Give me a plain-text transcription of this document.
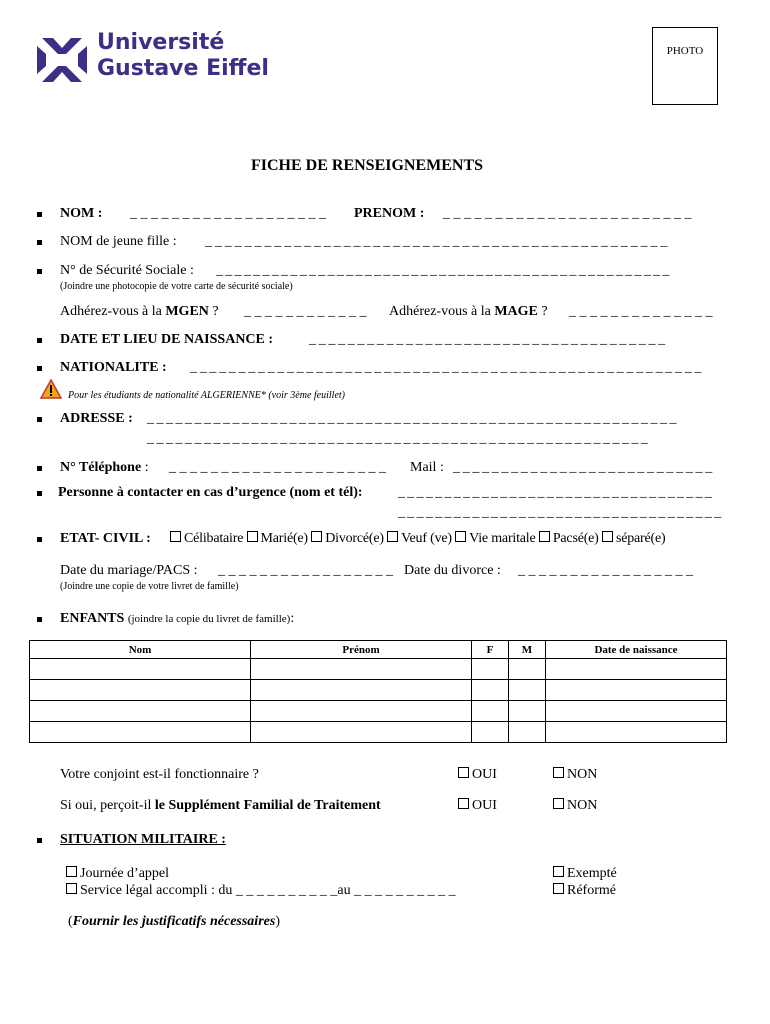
Université
Gustave Eiffel
PHOTO
FICHE DE RENSEIGNEMENTS
NOM : _ _ _ _ _ _ _ _ _ _ _ _ _ _ _ _ _ _ _ PRENOM : _ _ _ _ _ _ _ _ _ _ _ _ _ _ _ _ _ _ _ _ _ _ _ _
NOM de jeune fille : _ _ _ _ _ _ _ _ _ _ _ _ _ _ _ _ _ _ _ _ _ _ _ _ _ _ _ _ _ _ _ _ _ _ _ _ _ _ _ _ _ _ _ _ _ _ _
N° de Sécurité Sociale : _ _ _ _ _ _ _ _ _ _ _ _ _ _ _ _ _ _ _ _ _ _ _ _ _ _ _ _ _ _ _ _ _ _ _ _ _ _ _ _ _ _ _ _ _ _ _ _ _
(Joindre une photocopie de votre carte de sécurité sociale)
Adhérez-vous à la MGEN ? _ _ _ _ _ _ _ _ _ _ _ _ Adhérez-vous à la MAGE ? _ _ _ _ _ _ _ _ _ _ _ _ _ _
DATE ET LIEU DE NAISSANCE :	_ _ _ _ _ _ _ _ _ _ _ _ _ _ _ _ _ _ _ _ _ _ _ _ _ _ _ _ _ _ _ _ _ _ _ _ _
NATIONALITE : _ _ _ _ _ _ _ _ _ _ _ _ _ _ _ _ _ _ _ _ _ _ _ _ _ _ _ _ _ _ _ _ _ _ _ _ _ _ _ _ _ _ _ _ _ _ _ _ _ _ _ _ _
Pour les étudiants de nationalité ALGERIENNE* (voir 3ème feuillet)
ADRESSE : _ _ _ _ _ _ _ _ _ _ _ _ _ _ _ _ _ _ _ _ _ _ _ _ _ _ _ _ _ _ _ _ _ _ _ _ _ _ _ _ _ _ _ _ _ _ _ _ _ _ _ _ _ _ _ _
_ _ _ _ _ _ _ _ _ _ _ _ _ _ _ _ _ _ _ _ _ _ _ _ _ _ _ _ _ _ _ _ _ _ _ _ _ _ _ _ _ _ _ _ _ _ _ _ _ _ _ _ _
N° Téléphone : _ _ _ _ _ _ _ _ _ _ _ _ _ _ _ _ _ _ _ _ _ Mail : _ _ _ _ _ _ _ _ _ _ _ _ _ _ _ _ _ _ _ _ _ _ _ _ _ _ _
Personne à contacter en cas d’urgence (nom et tél):	_ _ _ _ _ _ _ _ _ _ _ _ _ _ _ _ _ _ _ _ _ _ _ _ _ _ _ _ _ _ _ _ _ _
_ _ _ _ _ _ _ _ _ _ _ _ _ _ _ _ _ _ _ _ _ _ _ _ _ _ _ _ _ _ _ _ _ _ _
ETAT- CIVIL :	Célibataire Marié(e) Divorcé(e) Veuf (ve) Vie maritale Pacsé(e) séparé(e)
Date du mariage/PACS : _ _ _ _ _ _ _ _ _ _ _ _ _ _ _ _ _ Date du divorce : _ _ _ _ _ _ _ _ _ _ _ _ _ _ _ _ _
(Joindre une copie de votre livret de famille)
ENFANTS (joindre la copie du livret de famille):
Nom	Prénom	F	M	Date de naissance

Votre conjoint est-il fonctionnaire ?	OUI	NON
Si oui, perçoit-il le Supplément Familial de Traitement	OUI	NON
SITUATION MILITAIRE :
Journée d’appel
Service légal accompli : du _ _ _ _ _ _ _ _ _ _au _ _ _ _ _ _ _ _ _ _
Exempté
Réformé
(Fournir les justificatifs nécessaires)
